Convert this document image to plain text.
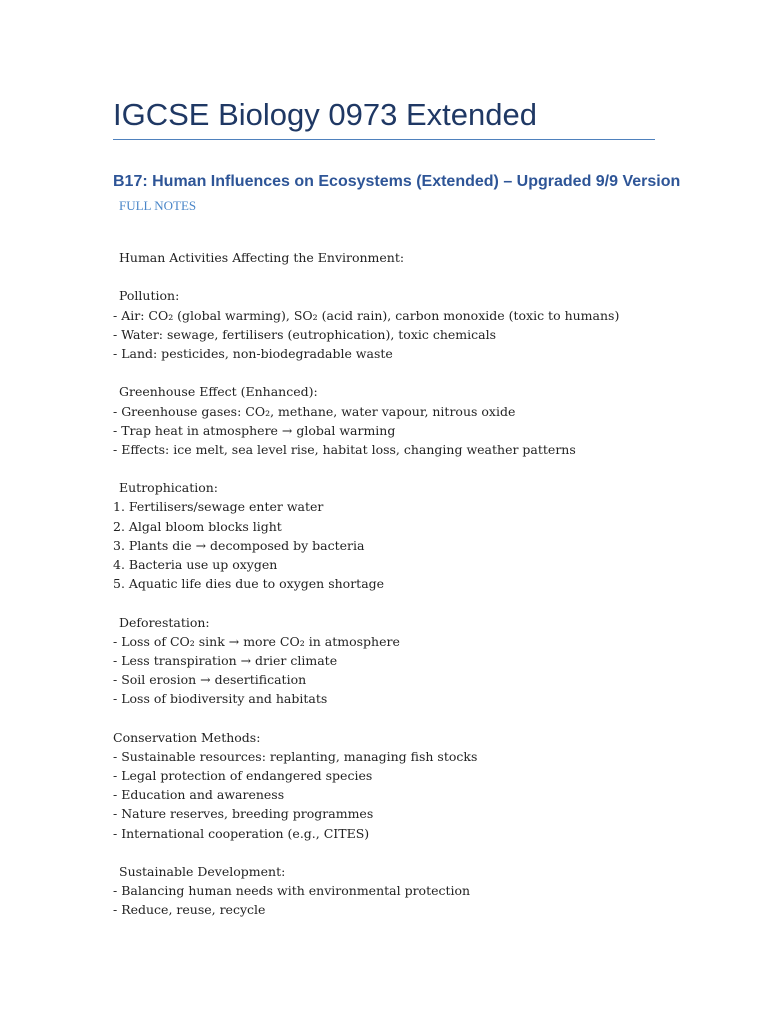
IGCSE Biology 0973 Extended
B17: Human Influences on Ecosystems (Extended) – Upgraded 9/9 Version
FULL NOTES
Human Activities Affecting the Environment:
Pollution:
- Air: CO₂ (global warming), SO₂ (acid rain), carbon monoxide (toxic to humans)
- Water: sewage, fertilisers (eutrophication), toxic chemicals
- Land: pesticides, non-biodegradable waste
Greenhouse Effect (Enhanced):
- Greenhouse gases: CO₂, methane, water vapour, nitrous oxide
- Trap heat in atmosphere → global warming
- Effects: ice melt, sea level rise, habitat loss, changing weather patterns
Eutrophication:
1. Fertilisers/sewage enter water
2. Algal bloom blocks light
3. Plants die → decomposed by bacteria
4. Bacteria use up oxygen
5. Aquatic life dies due to oxygen shortage
Deforestation:
- Loss of CO₂ sink → more CO₂ in atmosphere
- Less transpiration → drier climate
- Soil erosion → desertification
- Loss of biodiversity and habitats
Conservation Methods:
- Sustainable resources: replanting, managing fish stocks
- Legal protection of endangered species
- Education and awareness
- Nature reserves, breeding programmes
- International cooperation (e.g., CITES)
Sustainable Development:
- Balancing human needs with environmental protection
- Reduce, reuse, recycle
